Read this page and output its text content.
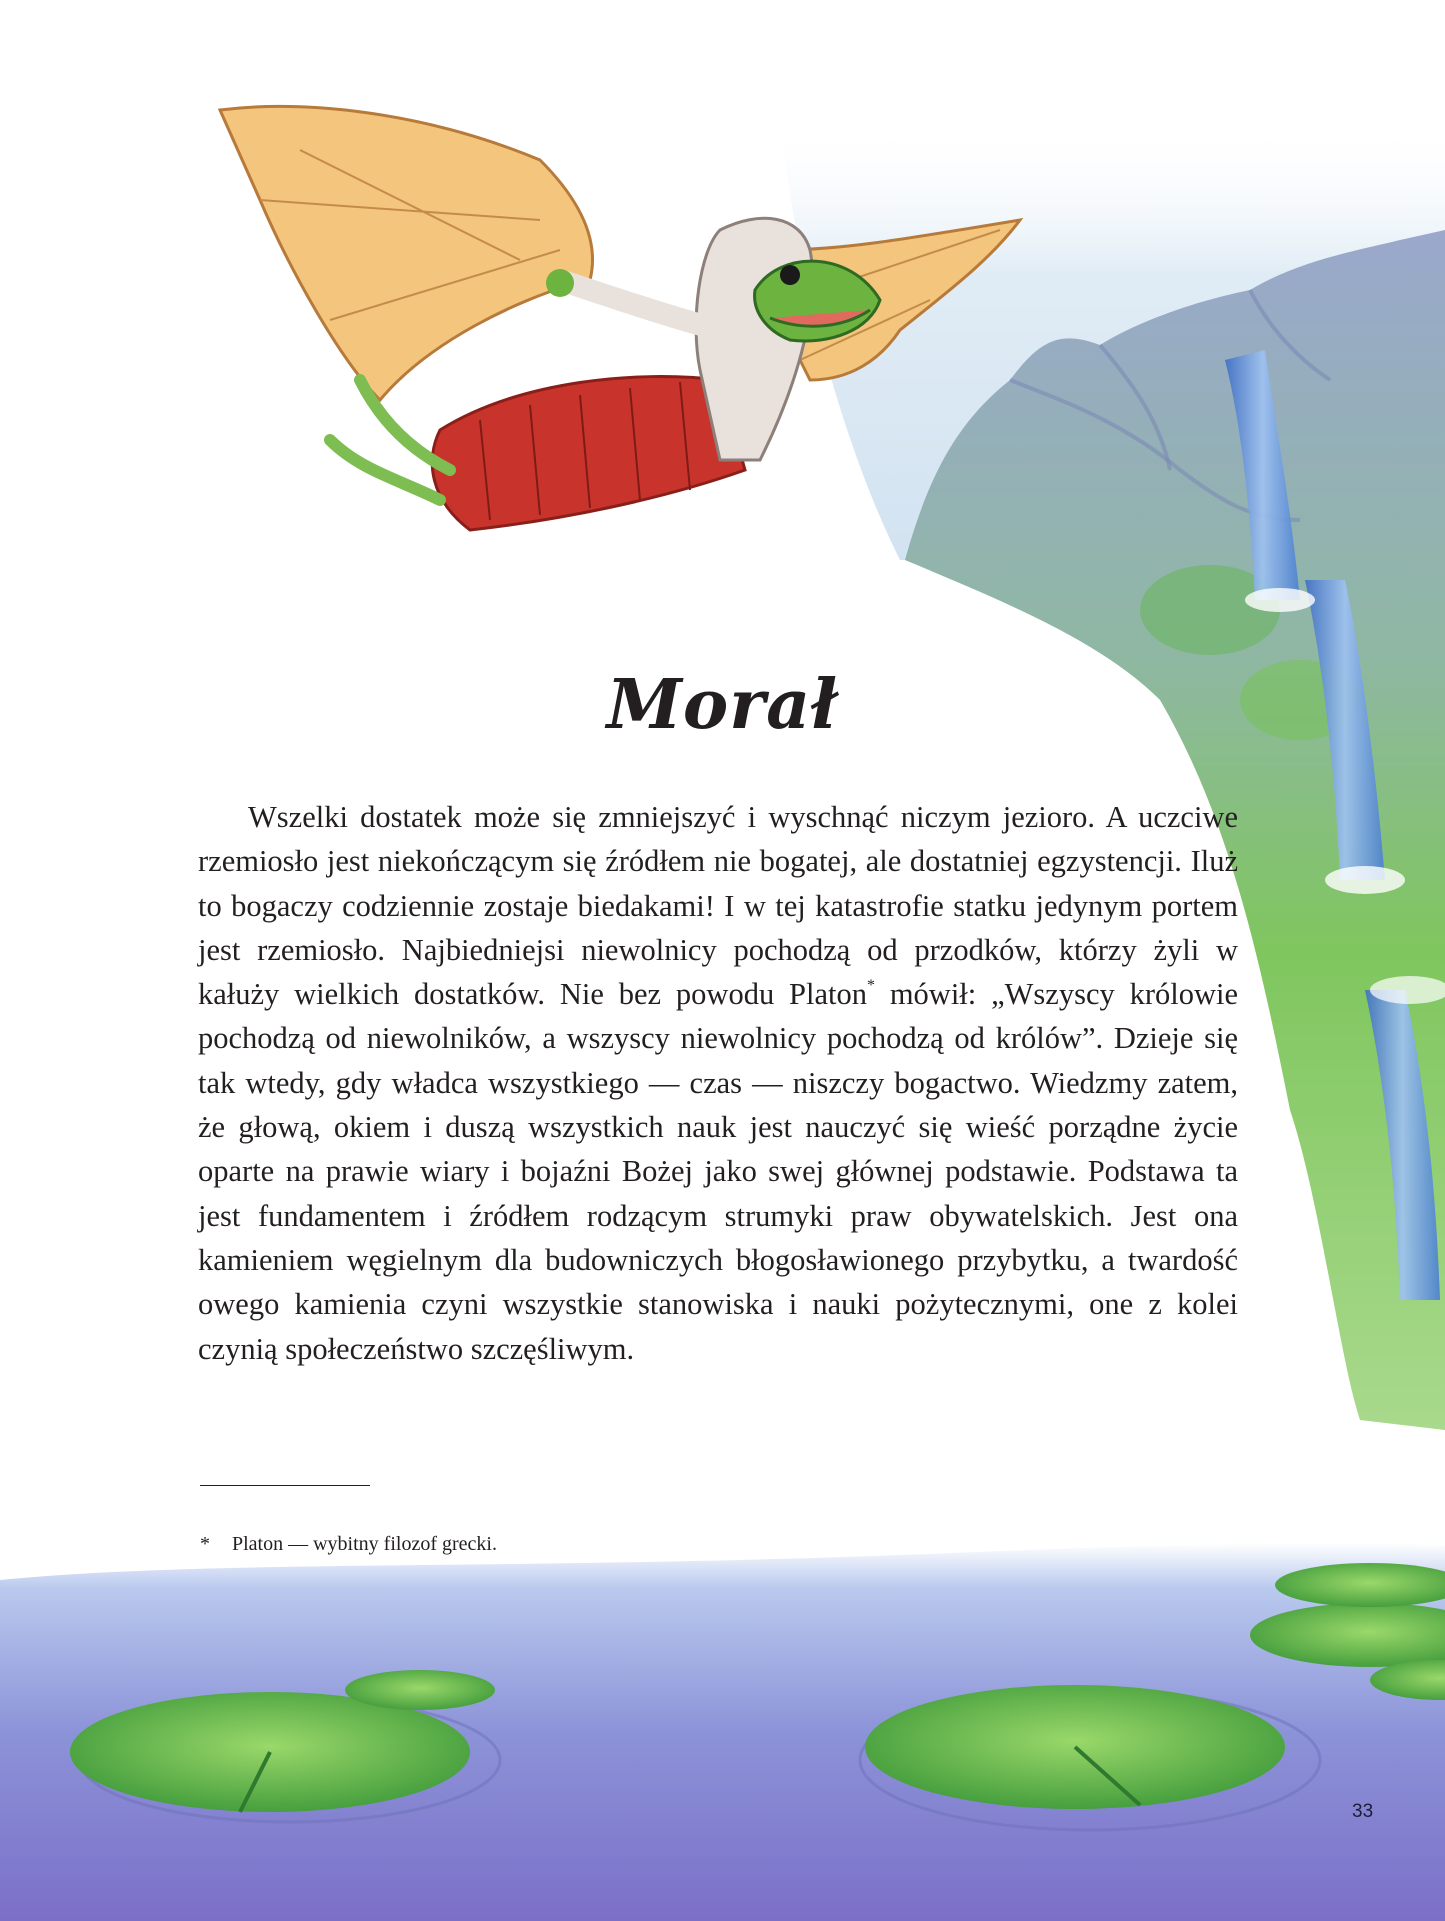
Morał

Wszelki dostatek może się zmniejszyć i wyschnąć niczym jezioro. A uczciwe rzemiosło jest niekończącym się źródłem nie bogatej, ale dostatniej egzystencji. Iluż to bogaczy codziennie zostaje biedakami! I w tej katastrofie statku jedynym portem jest rzemiosło. Najbiedniejsi niewolnicy pochodzą od przodków, którzy żyli w kałuży wielkich dostatków. Nie bez powodu Platon* mówił: „Wszyscy królowie pochodzą od niewolników, a wszyscy niewolnicy pochodzą od królów”. Dzieje się tak wtedy, gdy władca wszystkiego — czas — niszczy bogactwo. Wiedzmy zatem, że głową, okiem i duszą wszystkich nauk jest nauczyć się wieść porządne życie oparte na prawie wiary i bojaźni Bożej jako swej głównej podstawie. Podstawa ta jest fundamentem i źródłem rodzącym strumyki praw obywatelskich. Jest ona kamieniem węgielnym dla budowniczych błogosławionego przybytku, a twardość owego kamienia czyni wszystkie stanowiska i nauki pożytecznymi, one z kolei czynią społeczeństwo szczęśliwym.

* Platon — wybitny filozof grecki.
33
